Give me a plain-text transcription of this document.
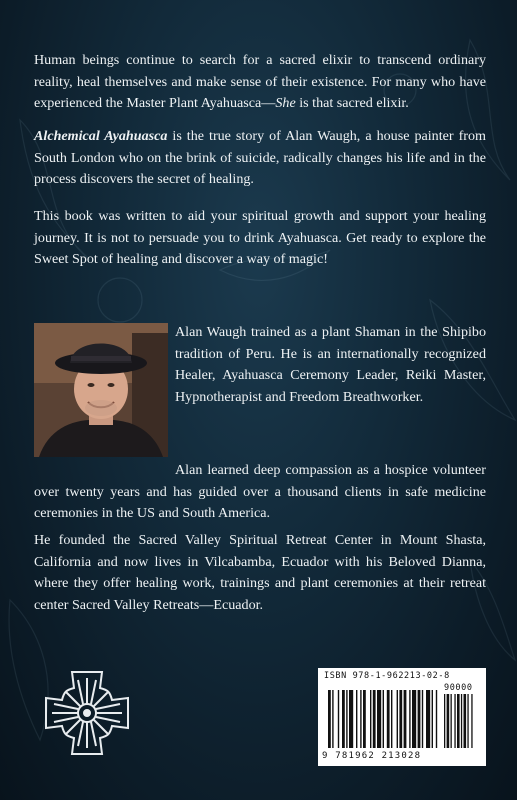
Human beings continue to search for a sacred elixir to transcend ordinary reality, heal themselves and make sense of their existence. For many who have experienced the Master Plant Ayahuasca—She is that sacred elixir.

Alchemical Ayahuasca is the true story of Alan Waugh, a house painter from South London who on the brink of suicide, radically changes his life and in the process discovers the secret of healing.

This book was written to aid your spiritual growth and support your healing journey. It is not to persuade you to drink Ayahuasca. Get ready to explore the Sweet Spot of healing and discover a way of magic!

Alan Waugh trained as a plant Shaman in the Shipibo tradition of Peru. He is an internationally recognized Healer, Ayahuasca Ceremony Leader, Reiki Master, Hypnotherapist and Freedom Breathworker.

Alan learned deep compassion as a hospice volunteer over twenty years and has guided over a thousand clients in safe medicine ceremonies in the US and South America.

He founded the Sacred Valley Spiritual Retreat Center in Mount Shasta, California and now lives in Vilcabamba, Ecuador with his Beloved Dianna, where they offer healing work, trainings and plant ceremonies at their retreat center Sacred Valley Retreats—Ecuador.

ISBN 978-1-962213-02-8
90000
9 781962 213028
